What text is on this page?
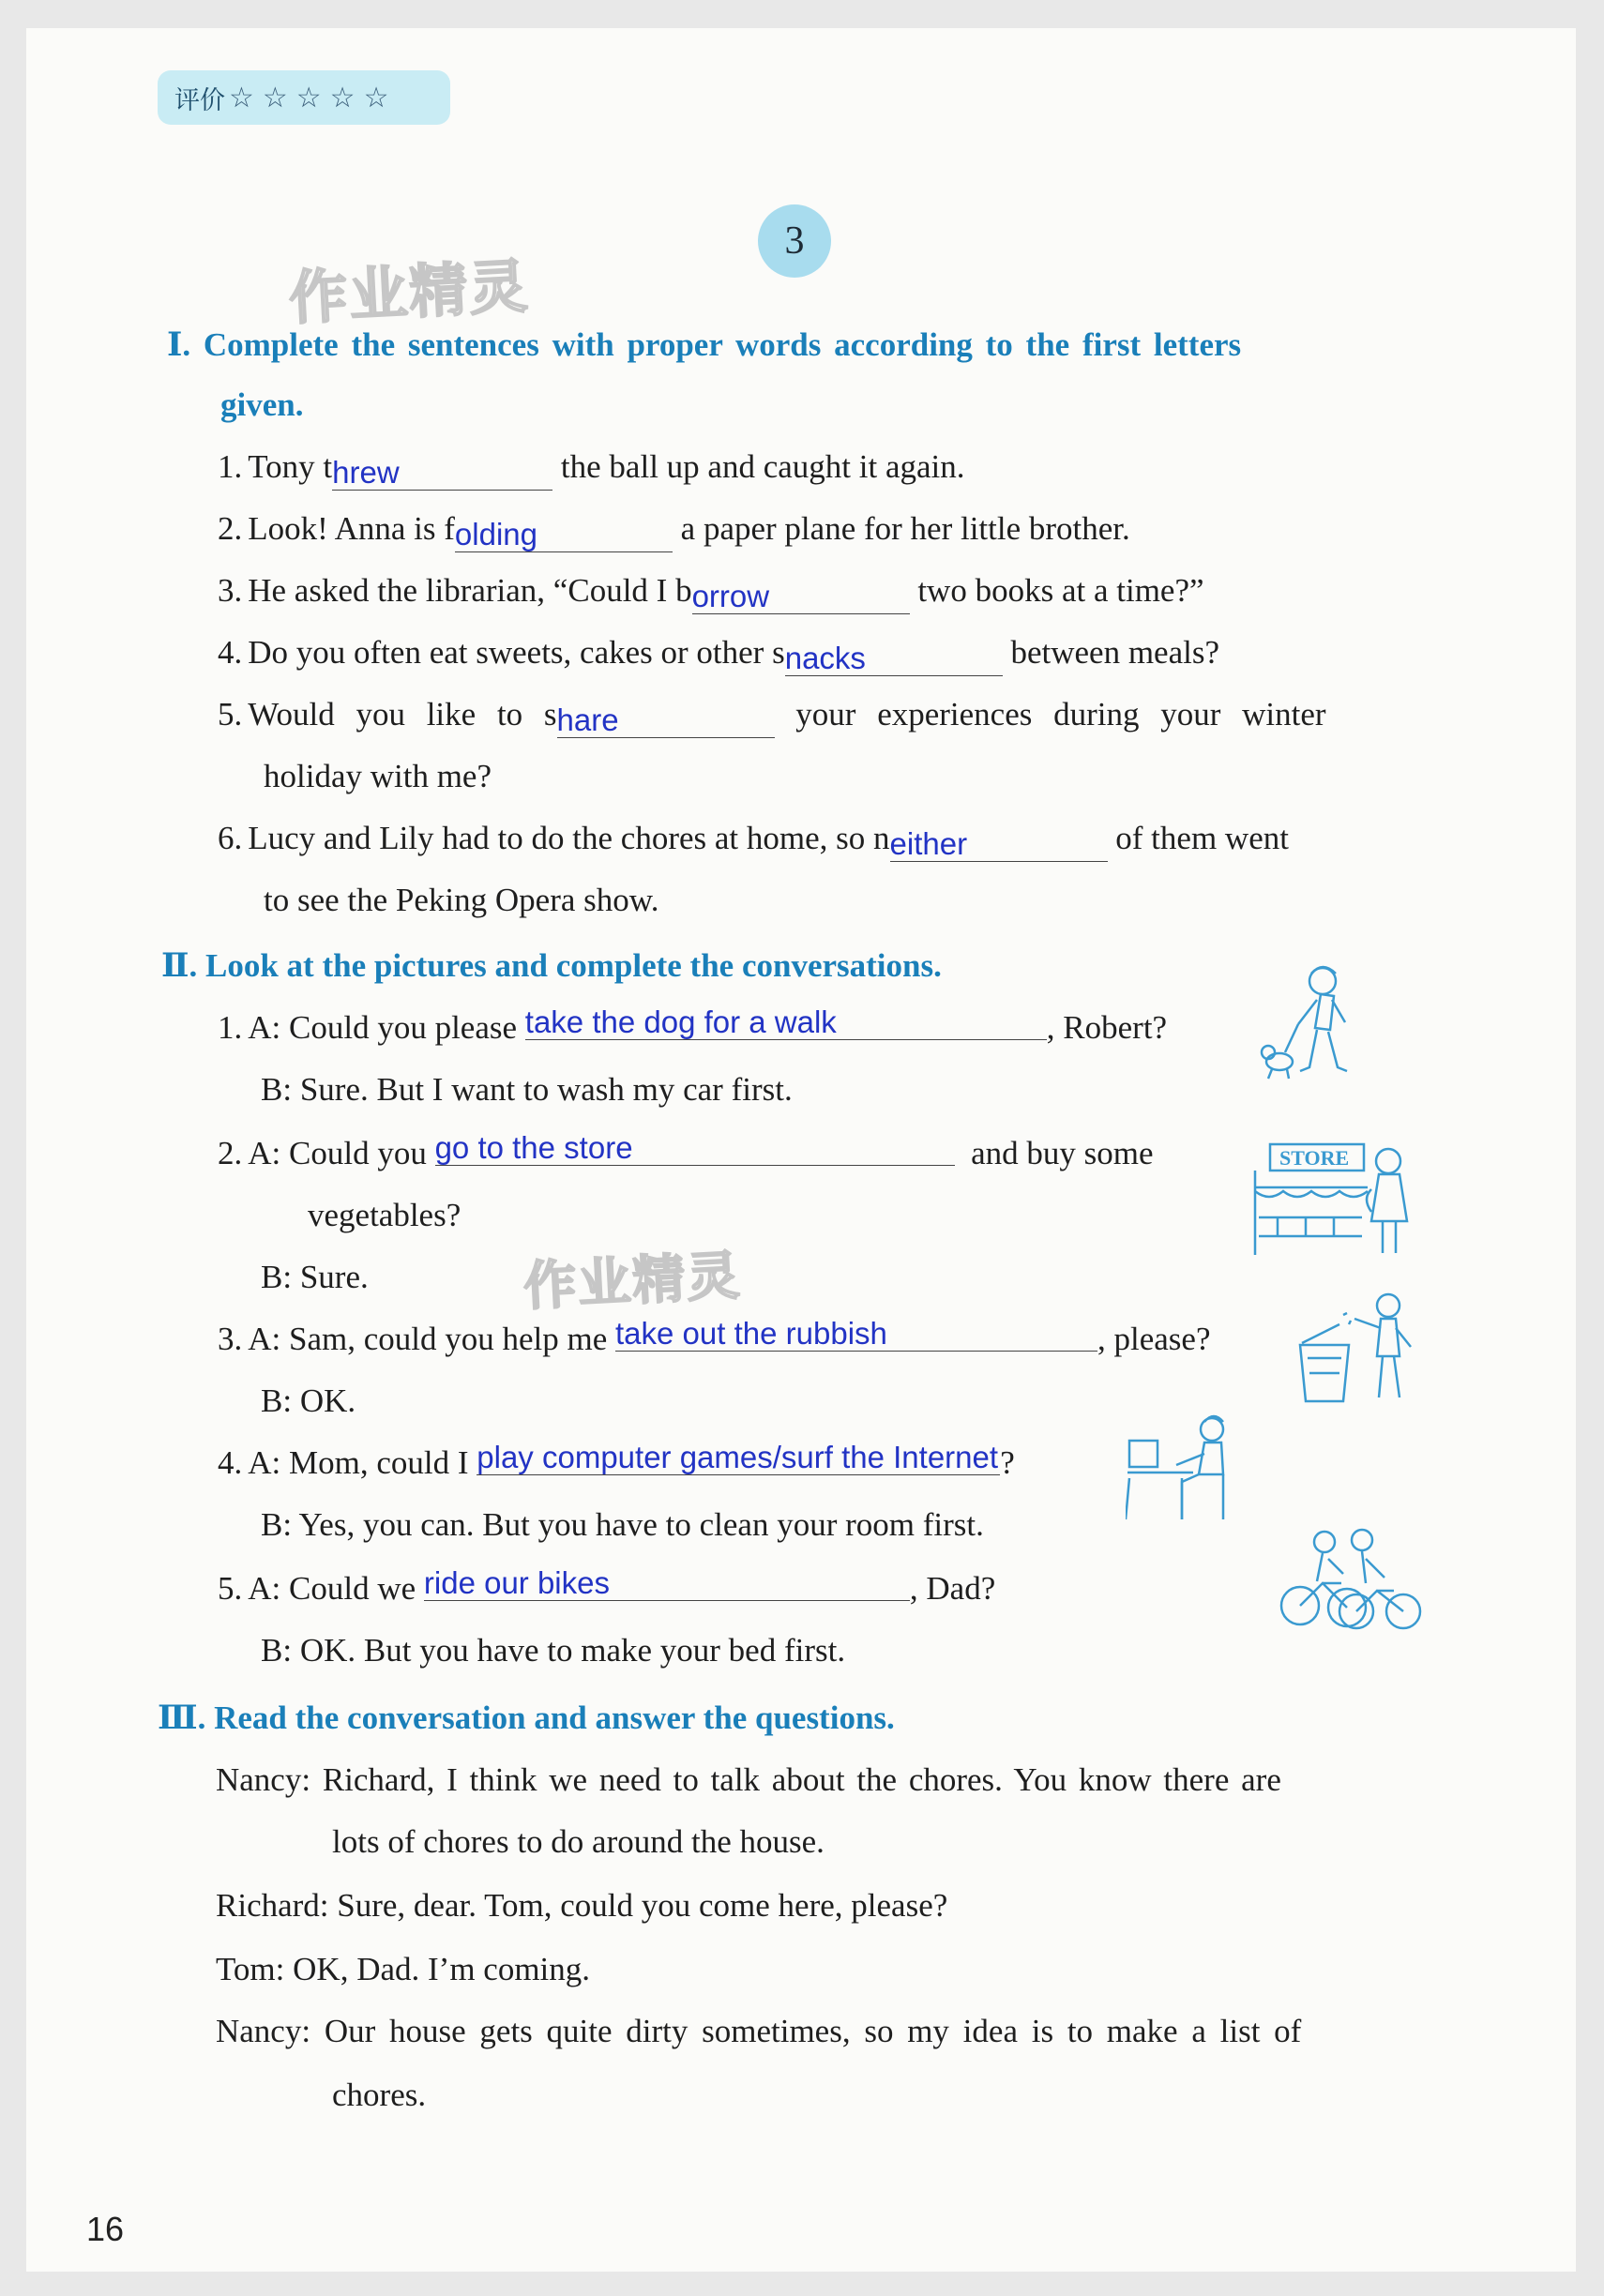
评价 ☆☆☆☆☆
3
作业精灵
作业精灵
Ⅰ. Complete the sentences with proper words according to the first letters
given.
1. Tony threw	the ball up and caught it again.
2. Look! Anna is folding	a paper plane for her little brother.
3. He asked the librarian, “Could I borrow	two books at a time?”
4. Do you often eat sweets, cakes or other snacks	between meals?
5. Would you like to share	your experiences during your winter
holiday with me?
6. Lucy and Lily had to do the chores at home, so neither	of them went
to see the Peking Opera show.
Ⅱ. Look at the pictures and complete the conversations.
1. A: Could you please take the dog for a walk	, Robert?
B: Sure. But I want to wash my car first.
2. A: Could you go to the store	and buy some
vegetables?
B: Sure.
3. A: Sam, could you help me take out the rubbish	, please?
B: OK.
4. A: Mom, could I play computer games/surf the Internet?
B: Yes, you can. But you have to clean your room first.
5. A: Could we ride our bikes	, Dad?
B: OK. But you have to make your bed first.
STORE
Ⅲ. Read the conversation and answer the questions.
Nancy: Richard, I think we need to talk about the chores. You know there are
lots of chores to do around the house.
Richard: Sure, dear. Tom, could you come here, please?
Tom: OK, Dad. I’m coming.
Nancy: Our house gets quite dirty sometimes, so my idea is to make a list of
chores.
16
